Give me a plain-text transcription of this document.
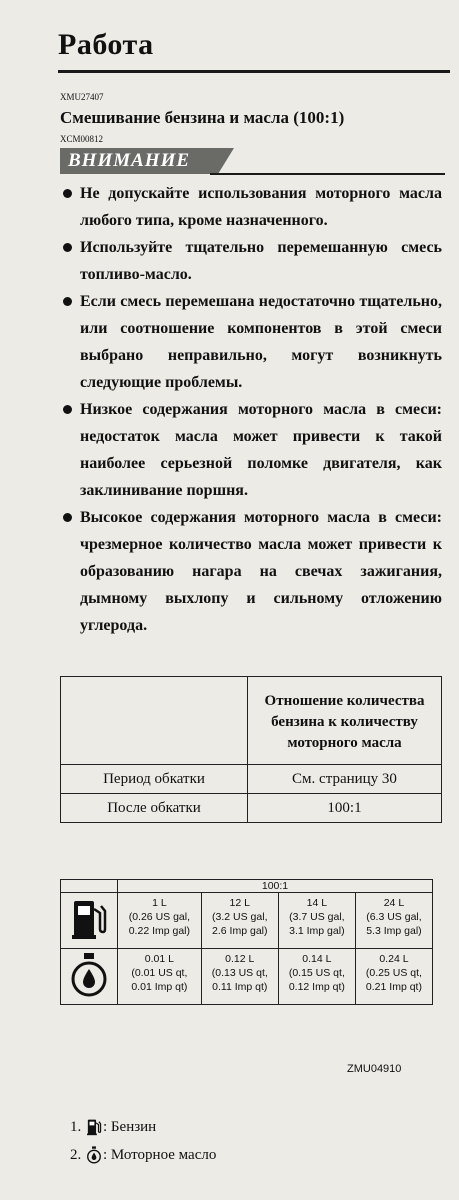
Работа
XMU27407
Смешивание бензина и масла (100:1)
XCM00812
ВНИМАНИЕ
Не допускайте использования моторного масла любого типа, кроме назначенного.
Используйте тщательно перемешанную смесь топливо-масло.
Если смесь перемешана недостаточно тщательно, или соотношение компонентов в этой смеси выбрано неправильно, могут возникнуть следующие проблемы.
Низкое содержания моторного масла в смеси: недостаток масла может привести к такой наиболее серьезной поломке двигателя, как заклинивание поршня.
Высокое содержания моторного масла в смеси: чрезмерное количество масла может привести к образованию нагара на свечах зажигания, дымному выхлопу и сильному отложению углерода.
	Отношение количества бензина к количеству моторного масла
Период обкатки	См. страницу 30
После обкатки	100:1
	100:1			
	1 L
(0.26 US gal,
0.22 Imp gal)	12 L
(3.2 US gal,
2.6 Imp gal)	14 L
(3.7 US gal,
3.1 Imp gal)	24 L
(6.3 US gal,
5.3 Imp gal)
	0.01 L
(0.01 US qt,
0.01 Imp qt)	0.12 L
(0.13 US qt,
0.11 Imp qt)	0.14 L
(0.15 US qt,
0.12 Imp qt)	0.24 L
(0.25 US qt,
0.21 Imp qt)
ZMU04910
1.
: Бензин
2.
: Моторное масло
